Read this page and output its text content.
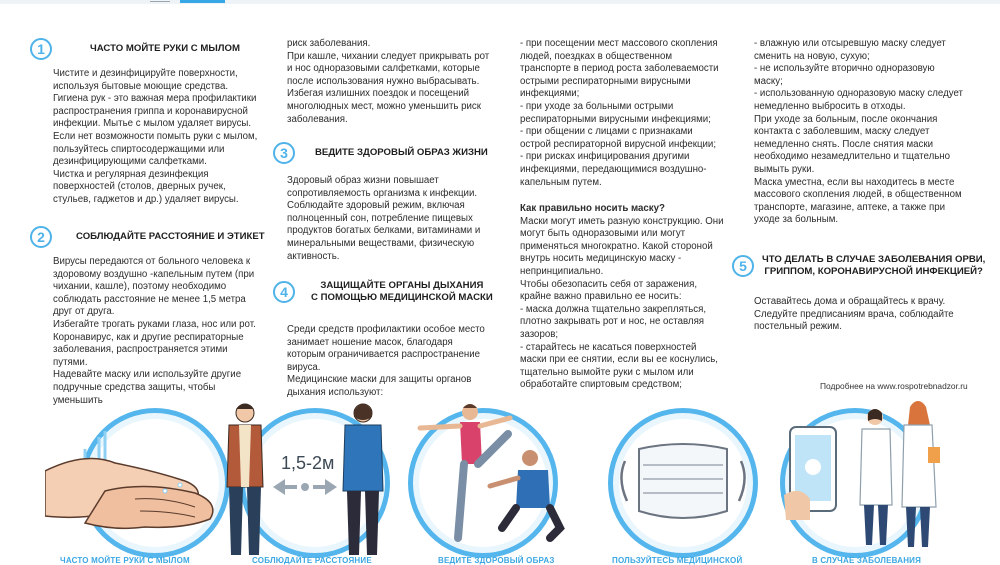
1	ЧАСТО МОЙТЕ РУКИ С МЫЛОМ

Чистите и дезинфицируйте поверхности, используя бытовые моющие средства.

Гигиена рук - это важная мера профилактики распространения гриппа и коронавирусной инфекции. Мытье с мылом удаляет вирусы. Если нет возможности помыть руки с мылом, пользуйтесь спиртосодержащими или дезинфицирующими салфетками.

Чистка и регулярная дезинфекция поверхностей (столов, дверных ручек, стульев, гаджетов и др.) удаляет вирусы.

2	СОБЛЮДАЙТЕ РАССТОЯНИЕ И ЭТИКЕТ

Вирусы передаются от больного человека к здоровому воздушно -капельным путем (при чихании, кашле), поэтому необходимо соблюдать расстояние не менее 1,5 метра друг от друга.

Избегайте трогать руками глаза, нос или рот. Коронавирус, как и другие респираторные заболевания, распространяется этими путями.

Надевайте маску или используйте другие подручные средства защиты, чтобы уменьшить

риск заболевания.

При кашле, чихании следует прикрывать рот и нос одноразовыми салфетками, которые после использования нужно выбрасывать.

Избегая излишних поездок и посещений многолюдных мест, можно уменьшить риск заболевания.

3	ВЕДИТЕ ЗДОРОВЫЙ ОБРАЗ ЖИЗНИ

Здоровый образ жизни повышает сопротивляемость организма к инфекции. Соблюдайте здоровый режим, включая полноценный сон, потребление пищевых продуктов богатых белками, витаминами и минеральными веществами, физическую активность.

4	ЗАЩИЩАЙТЕ ОРГАНЫ ДЫХАНИЯ
С ПОМОЩЬЮ МЕДИЦИНСКОЙ МАСКИ

Среди средств профилактики особое место занимает ношение масок, благодаря которым ограничивается распространение вируса.

Медицинские маски для защиты органов дыхания используют:

- при посещении мест массового скопления людей, поездках в общественном транспорте в период роста заболеваемости острыми респираторными вирусными инфекциями;

- при уходе за больными острыми респираторными вирусными инфекциями;

- при общении с лицами с признаками острой респираторной вирусной инфекции;

- при рисках инфицирования другими инфекциями, передающимися воздушно-капельным путем.

Как правильно носить маску?

Маски могут иметь разную конструкцию. Они могут быть одноразовыми или могут применяться многократно. Какой стороной внутрь носить медицинскую маску - непринципиально.

Чтобы обезопасить себя от заражения, крайне важно правильно ее носить:

- маска должна тщательно закрепляться, плотно закрывать рот и нос, не оставляя зазоров;

- старайтесь не касаться поверхностей маски при ее снятии, если вы ее коснулись, тщательно вымойте руки с мылом или обработайте спиртовым средством;

- влажную или отсыревшую маску следует сменить на новую, сухую;

- не используйте вторично одноразовую маску;

- использованную одноразовую маску следует немедленно выбросить в отходы.

При уходе за больным, после окончания контакта с заболевшим, маску следует немедленно снять. После снятия маски необходимо незамедлительно и тщательно вымыть руки.

Маска уместна, если вы находитесь в месте массового скопления людей, в общественном транспорте, магазине, аптеке, а также при уходе за больным.

5	ЧТО ДЕЛАТЬ В СЛУЧАЕ ЗАБОЛЕВАНИЯ ОРВИ,
ГРИППОМ, КОРОНАВИРУСНОЙ ИНФЕКЦИЕЙ?

Оставайтесь дома и обращайтесь к врачу. Следуйте предписаниям врача, соблюдайте постельный режим.

Подробнее на www.rospotrebnadzor.ru
1,5-2м
ЧАСТО МОЙТЕ РУКИ С МЫЛОМ	СОБЛЮДАЙТЕ РАССТОЯНИЕ	ВЕДИТЕ ЗДОРОВЫЙ ОБРАЗ	ПОЛЬЗУЙТЕСЬ МЕДИЦИНСКОЙ	В СЛУЧАЕ ЗАБОЛЕВАНИЯ
